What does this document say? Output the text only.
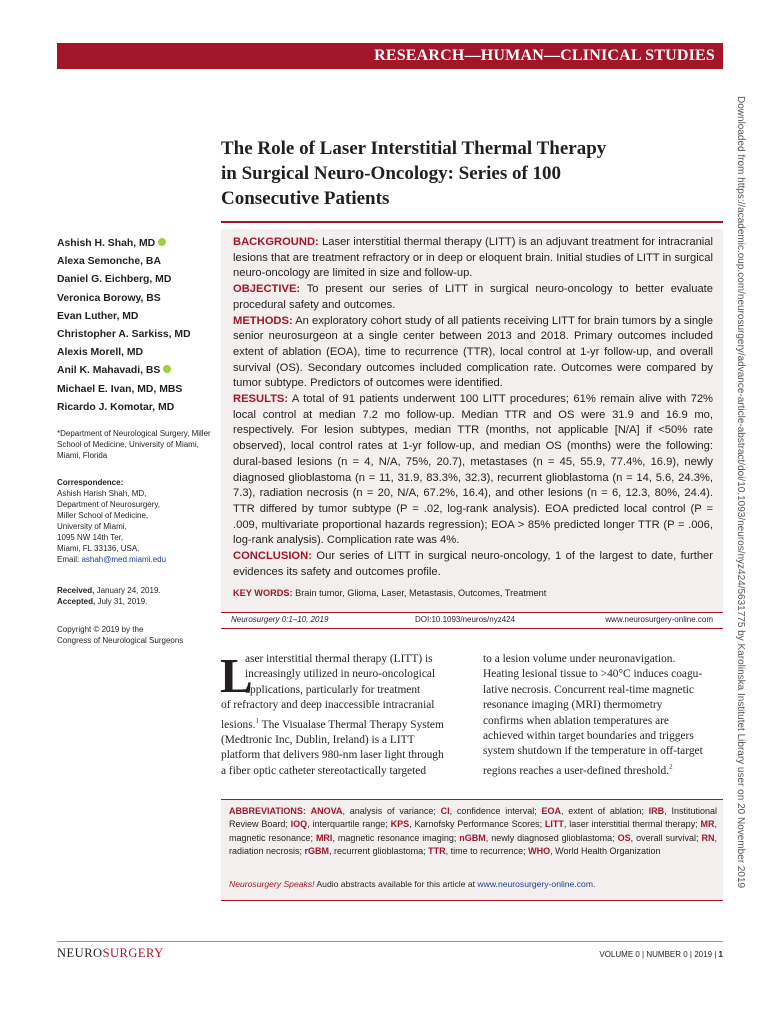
RESEARCH—HUMAN—CLINICAL STUDIES
Downloaded from https://academic.oup.com/neurosurgery/advance-article-abstract/doi/10.1093/neuros/nyz424/5631775 by Karolinska Institutet Library user on 20 November 2019
The Role of Laser Interstitial Thermal Therapy
in Surgical Neuro-Oncology: Series of 100
Consecutive Patients
Ashish H. Shah, MD
Alexa Semonche, BA
Daniel G. Eichberg, MD
Veronica Borowy, BS
Evan Luther, MD
Christopher A. Sarkiss, MD
Alexis Morell, MD
Anil K. Mahavadi, BS
Michael E. Ivan, MD, MBS
Ricardo J. Komotar, MD
*Department of Neurological Surgery, Miller School of Medicine, University of Miami, Miami, Florida
Correspondence:
Ashish Harish Shah, MD,
Department of Neurosurgery,
Miller School of Medicine,
University of Miami,
1095 NW 14th Ter,
Miami, FL 33136, USA.
Email: ashah@med.miami.edu
Received, January 24, 2019.
Accepted, July 31, 2019.
Copyright © 2019 by the
Congress of Neurological Surgeons

BACKGROUND: Laser interstitial thermal therapy (LITT) is an adjuvant treatment for intracranial lesions that are treatment refractory or in deep or eloquent brain. Initial studies of LITT in surgical neuro-oncology are limited in size and follow-up.

OBJECTIVE: To present our series of LITT in surgical neuro-oncology to better evaluate procedural safety and outcomes.

METHODS: An exploratory cohort study of all patients receiving LITT for brain tumors by a single senior neurosurgeon at a single center between 2013 and 2018. Primary outcomes included extent of ablation (EOA), time to recurrence (TTR), local control at 1-yr follow-up, and overall survival (OS). Secondary outcomes included complication rate. Outcomes were compared by tumor subtype. Predictors of outcomes were identified.

RESULTS: A total of 91 patients underwent 100 LITT procedures; 61% remain alive with 72% local control at median 7.2 mo follow-up. Median TTR and OS were 31.9 and 16.9 mo, respectively. For lesion subtypes, median TTR (months, not applicable [N/A] if <50% rate observed), local control rates at 1-yr follow-up, and median OS (months) were the following: dural-based lesions (n = 4, N/A, 75%, 20.7), metastases (n = 45, 55.9, 77.4%, 16.9), newly diagnosed glioblastoma (n = 11, 31.9, 83.3%, 32.3), recurrent glioblastoma (n = 14, 5.6, 24.3%, 7.3), radiation necrosis (n = 20, N/A, 67.2%, 16.4), and other lesions (n = 6, 12.3, 80%, 24.4). TTR differed by tumor subtype (P = .02, log-rank analysis). EOA predicted local control (P = .009, multivariate proportional hazards regression); EOA > 85% predicted longer TTR (P = .006, log-rank analysis). Complication rate was 4%.

CONCLUSION: Our series of LITT in surgical neuro-oncology, 1 of the largest to date, further evidences its safety and outcomes profile.

KEY WORDS: Brain tumor, Glioma, Laser, Metastasis, Outcomes, Treatment
Neurosurgery 0:1–10, 2019	DOI:10.1093/neuros/nyz424	www.neurosurgery-online.com
L
aser interstitial thermal therapy (LITT) is
increasingly utilized in neuro-oncological
applications, particularly for treatment
of refractory and deep inaccessible intracranial
lesions.$^1$ The Visualase Thermal Therapy System
(Medtronic Inc, Dublin, Ireland) is a LITT
platform that delivers 980-nm laser light through
a fiber optic catheter stereotactically targeted
to a lesion volume under neuronavigation.
Heating lesional tissue to >40°C induces coagu-
lative necrosis. Concurrent real-time magnetic
resonance imaging (MRI) thermometry
confirms when ablation temperatures are
achieved within target boundaries and triggers
system shutdown if the temperature in off-target
regions reaches a user-defined threshold.$^2$
ABBREVIATIONS: ANOVA, analysis of variance; CI, confidence interval; EOA, extent of ablation; IRB, Institutional Review Board; IOQ, interquartile range; KPS, Karnofsky Performance Scores; LITT, laser interstitial thermal therapy; MR, magnetic resonance; MRI, magnetic resonance imaging; nGBM, newly diagnosed glioblastoma; OS, overall survival; RN, radiation necrosis; rGBM, recurrent glioblastoma; TTR, time to recurrence; WHO, World Health Organization
Neurosurgery Speaks! Audio abstracts available for this article at www.neurosurgery-online.com.
NEUROSURGERY	VOLUME 0 | NUMBER 0 | 2019 | 1
